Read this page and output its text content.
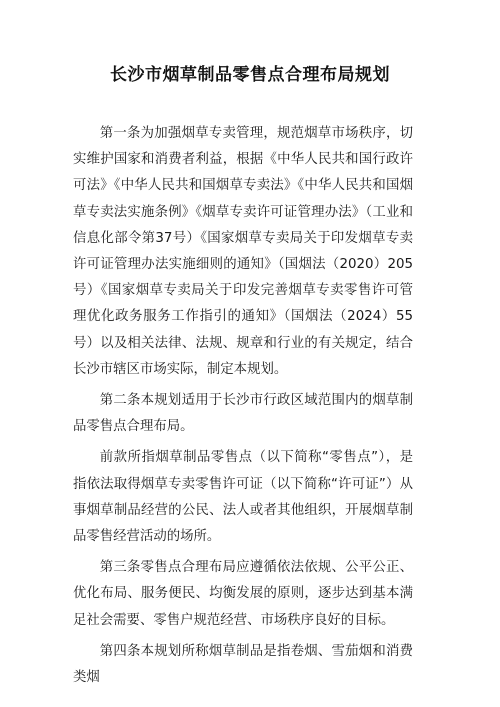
长沙市烟草制品零售点合理布局规划

第一条为加强烟草专卖管理，规范烟草市场秩序，切实维护国家和消费者利益，根据《中华人民共和国行政许可法》《中华人民共和国烟草专卖法》《中华人民共和国烟草专卖法实施条例》《烟草专卖许可证管理办法》（工业和信息化部令第37号）《国家烟草专卖局关于印发烟草专卖许可证管理办法实施细则的通知》（国烟法（2020）205号）《国家烟草专卖局关于印发完善烟草专卖零售许可管理优化政务服务工作指引的通知》（国烟法（2024）55号）以及相关法律、法规、规章和行业的有关规定，结合长沙市辖区市场实际，制定本规划。

第二条本规划适用于长沙市行政区域范围内的烟草制品零售点合理布局。

前款所指烟草制品零售点（以下简称“零售点”），是指依法取得烟草专卖零售许可证（以下简称“许可证”）从事烟草制品经营的公民、法人或者其他组织，开展烟草制品零售经营活动的场所。

第三条零售点合理布局应遵循依法依规、公平公正、优化布局、服务便民、均衡发展的原则，逐步达到基本满足社会需要、零售户规范经营、市场秩序良好的目标。

第四条本规划所称烟草制品是指卷烟、雪茄烟和消费类烟
